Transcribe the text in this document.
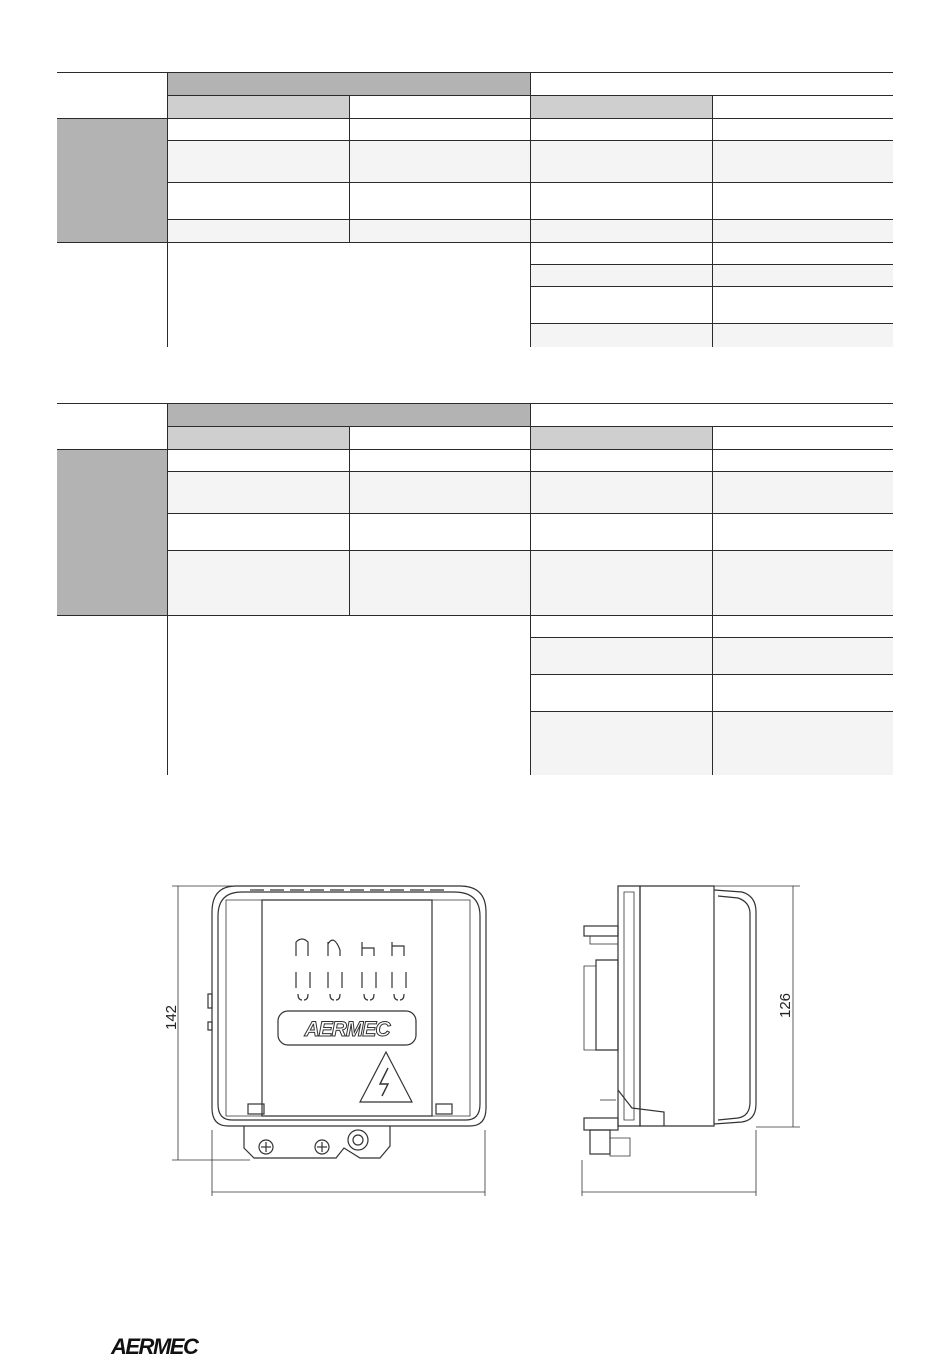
142	126
AERMEC
AERMEC
